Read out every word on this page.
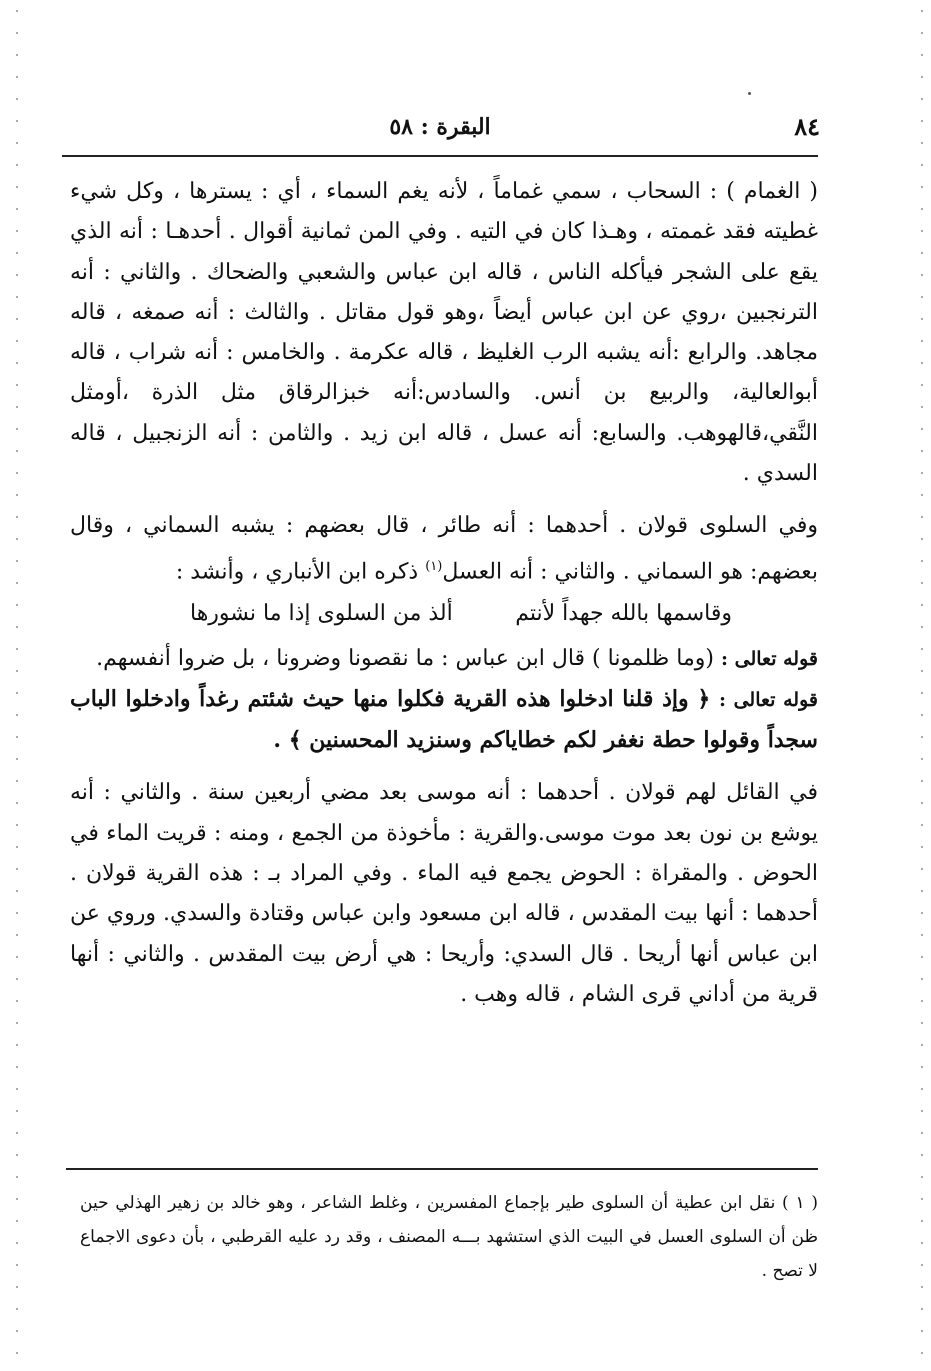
٨٤
البقرة : ٥٨

( الغمام ) : السحاب ، سمي غماماً ، لأنه يغم السماء ، أي : يسترها ، وكل شيء غطيته فقد غممته ، وهـذا كان في التيه . وفي المن ثمانية أقوال . أحدهـا : أنه الذي يقع على الشجر فيأكله الناس ، قاله ابن عباس والشعبي والضحاك . والثاني : أنه الترنجبين ،روي عن ابن عباس أيضاً ،وهو قول مقاتل . والثالث : أنه صمغه ، قاله مجاهد. والرابع :أنه يشبه الرب الغليظ ، قاله عكرمة . والخامس : أنه شراب ، قاله أبوالعالية، والربيع بن أنس. والسادس:أنه خبزالرقاق مثل الذرة ،أومثل النَّقي،قالهوهب. والسابع: أنه عسل ، قاله ابن زيد . والثامن : أنه الزنجبيل ، قاله السدي .

وفي السلوى قولان . أحدهما : أنه طائر ، قال بعضهم : يشبه السماني ، وقال بعضهم: هو السماني . والثاني : أنه العسل$^{(١)}$ ذكره ابن الأنباري ، وأنشد :

وقاسمها بالله جهداً لأنتم
ألذ من السلوى إذا ما نشورها

قوله تعالى : (وما ظلمونا ) قال ابن عباس : ما نقصونا وضرونا ، بل ضروا أنفسهم.

قوله تعالى : ﴿ وإذ قلنا ادخلوا هذه القرية فكلوا منها حيث شئتم رغداً وادخلوا الباب سجداً وقولوا حطة نغفر لكم خطاياكم وسنزيد المحسنين ﴾ .

في القائل لهم قولان . أحدهما : أنه موسى بعد مضي أربعين سنة . والثاني : أنه يوشع بن نون بعد موت موسى.والقرية : مأخوذة من الجمع ، ومنه : قريت الماء في الحوض . والمقراة : الحوض يجمع فيه الماء . وفي المراد بـ : هذه القرية قولان . أحدهما : أنها بيت المقدس ، قاله ابن مسعود وابن عباس وقتادة والسدي. وروي عن ابن عباس أنها أريحا . قال السدي: وأريحا : هي أرض بيت المقدس . والثاني : أنها قرية من أداني قرى الشام ، قاله وهب .

( ١ ) نقل ابن عطية أن السلوى طير بإجماع المفسرين ، وغلط الشاعر ، وهو خالد بن زهير الهذلي حين ظن أن السلوى العسل في البيت الذي استشهد بـــه المصنف ، وقد رد عليه القرطبي ، بأن دعوى الاجماع لا تصح .
